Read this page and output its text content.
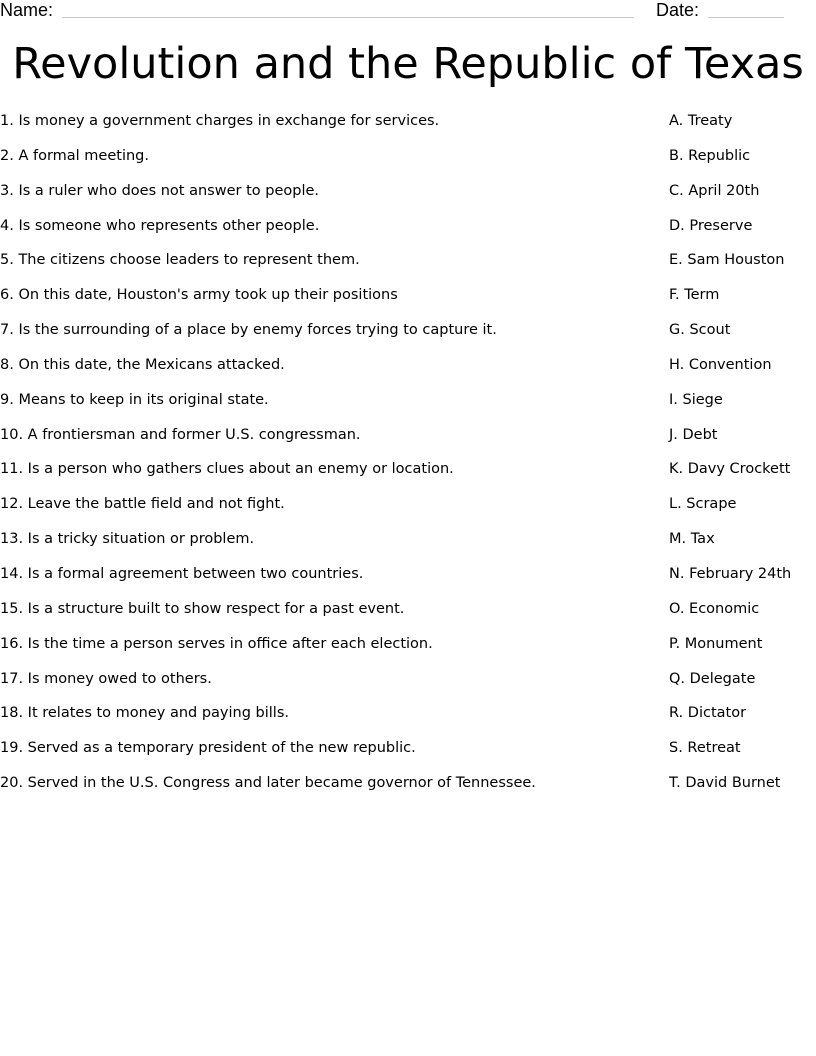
Name:	Date:
Revolution and the Republic of Texas
1. Is money a government charges in exchange for services.	A. Treaty
2. A formal meeting.	B. Republic
3. Is a ruler who does not answer to people.	C. April 20th
4. Is someone who represents other people.	D. Preserve
5. The citizens choose leaders to represent them.	E. Sam Houston
6. On this date, Houston's army took up their positions	F. Term
7. Is the surrounding of a place by enemy forces trying to capture it.	G. Scout
8. On this date, the Mexicans attacked.	H. Convention
9. Means to keep in its original state.	I. Siege
10. A frontiersman and former U.S. congressman.	J. Debt
11. Is a person who gathers clues about an enemy or location.	K. Davy Crockett
12. Leave the battle field and not fight.	L. Scrape
13. Is a tricky situation or problem.	M. Tax
14. Is a formal agreement between two countries.	N. February 24th
15. Is a structure built to show respect for a past event.	O. Economic
16. Is the time a person serves in office after each election.	P. Monument
17. Is money owed to others.	Q. Delegate
18. It relates to money and paying bills.	R. Dictator
19. Served as a temporary president of the new republic.	S. Retreat
20. Served in the U.S. Congress and later became governor of Tennessee.	T. David Burnet
